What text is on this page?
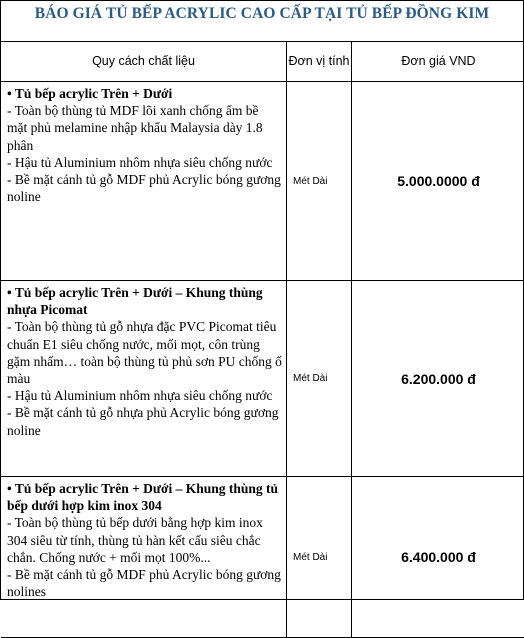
BÁO GIÁ TỦ BẾP ACRYLIC CAO CẤP TẠI TỦ BẾP ĐỒNG KIM
Quy cách chất liệu	Đơn vị tính	Đơn giá VND

• Tủ bếp acrylic Trên + Dưới
- Toàn bộ thùng tủ MDF lõi xanh chống ẩm bề mặt phủ melamine nhập khẩu Malaysia dày 1.8 phân
- Hậu tủ Aluminium nhôm nhựa siêu chống nước
- Bề mặt cánh tủ gỗ MDF phủ Acrylic bóng gương noline	Mét Dài	5.000.0000 đ

• Tủ bếp acrylic Trên + Dưới – Khung thùng nhựa Picomat
- Toàn bộ thùng tủ gỗ nhựa đặc PVC Picomat tiêu chuẩn E1 siêu chống nước, mối mọt, côn trùng gặm nhấm… toàn bộ thùng tủ phủ sơn PU chống ố màu
- Hậu tủ Aluminium nhôm nhựa siêu chống nước
- Bề mặt cánh tủ gỗ nhựa phủ Acrylic bóng gương noline	Mét Dài	6.200.000 đ

• Tủ bếp acrylic Trên + Dưới – Khung thùng tủ bếp dưới hợp kim inox 304
- Toàn bộ thùng tủ bếp dưới bằng hợp kim inox 304 siêu từ tính, thùng tủ hàn kết cấu siêu chắc chắn. Chống nước + mối mọt 100%...
- Bề mặt cánh tủ gỗ MDF phủ Acrylic bóng gương nolines	Mét Dài	6.400.000 đ
